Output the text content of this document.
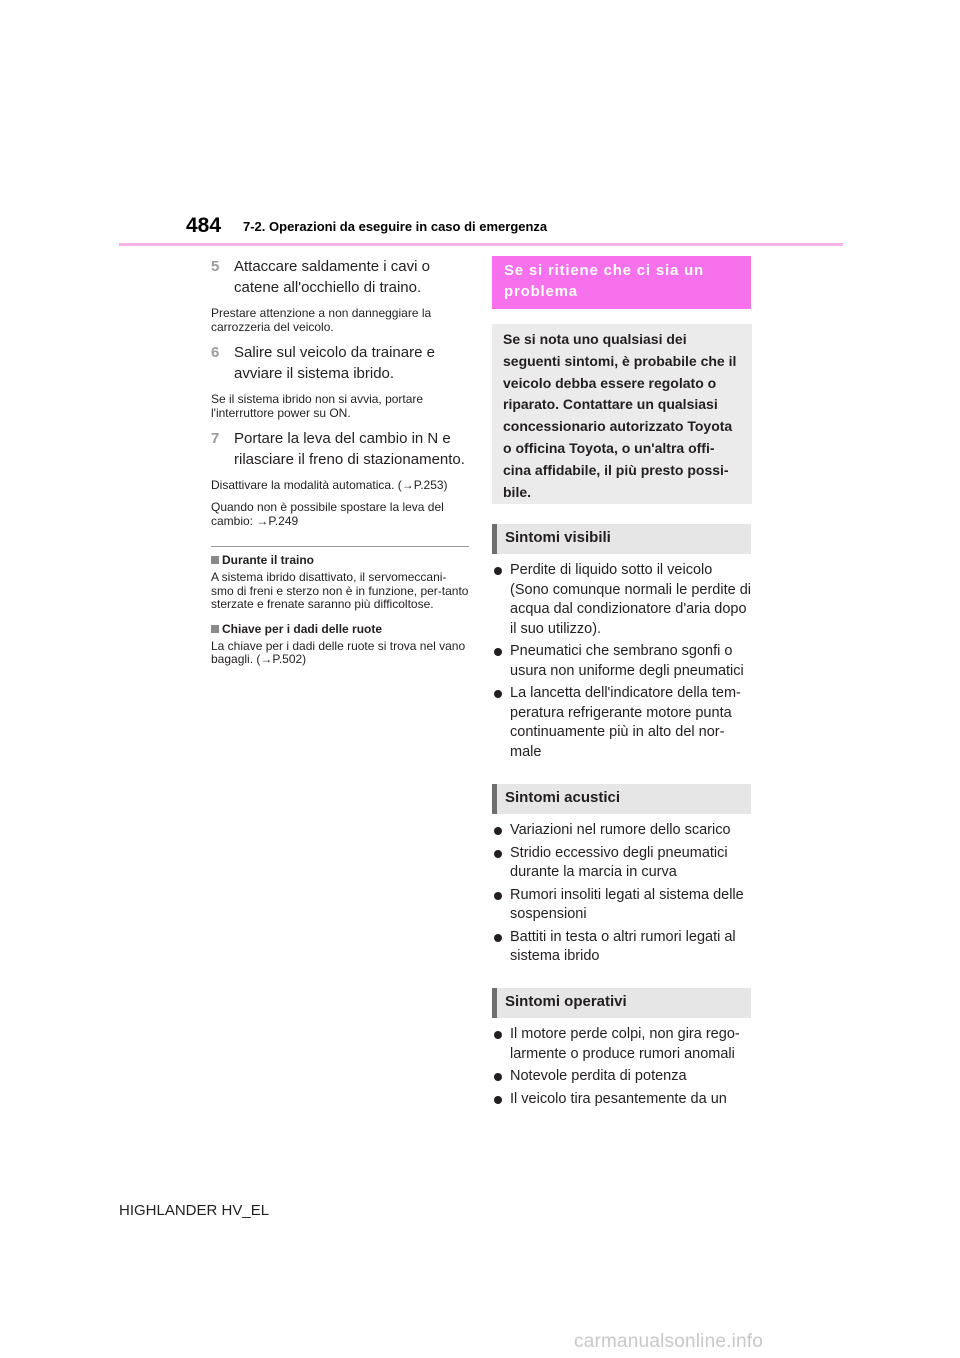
484 7-2. Operazioni da eseguire in caso di emergenza
5 Attaccare saldamente i cavi o catene all'occhiello di traino.
Prestare attenzione a non danneggiare la carrozzeria del veicolo.
6 Salire sul veicolo da trainare e avviare il sistema ibrido.
Se il sistema ibrido non si avvia, portare l'interruttore power su ON.
7 Portare la leva del cambio in N e rilasciare il freno di stazionamento.
Disattivare la modalità automatica. (→P.253)
Quando non è possibile spostare la leva del cambio: →P.249
Durante il traino
A sistema ibrido disattivato, il servomeccani-smo di freni e sterzo non è in funzione, per-tanto sterzate e frenate saranno più difficoltose.
Chiave per i dadi delle ruote
La chiave per i dadi delle ruote si trova nel vano bagagli. (→P.502)
Se si ritiene che ci sia un problema
Se si nota uno qualsiasi dei seguenti sintomi, è probabile che il veicolo debba essere regolato o riparato. Contattare un qualsiasi concessionario autorizzato Toyota o officina Toyota, o un'altra offi-cina affidabile, il più presto possi-bile.
Sintomi visibili
Perdite di liquido sotto il veicolo (Sono comunque normali le perdite di acqua dal condizionatore d'aria dopo il suo utilizzo).
Pneumatici che sembrano sgonfi o usura non uniforme degli pneumatici
La lancetta dell'indicatore della tem-peratura refrigerante motore punta continuamente più in alto del nor-male
Sintomi acustici
Variazioni nel rumore dello scarico
Stridio eccessivo degli pneumatici durante la marcia in curva
Rumori insoliti legati al sistema delle sospensioni
Battiti in testa o altri rumori legati al sistema ibrido
Sintomi operativi
Il motore perde colpi, non gira rego-larmente o produce rumori anomali
Notevole perdita di potenza
Il veicolo tira pesantemente da un
HIGHLANDER HV_EL
carmanualsonline.info
